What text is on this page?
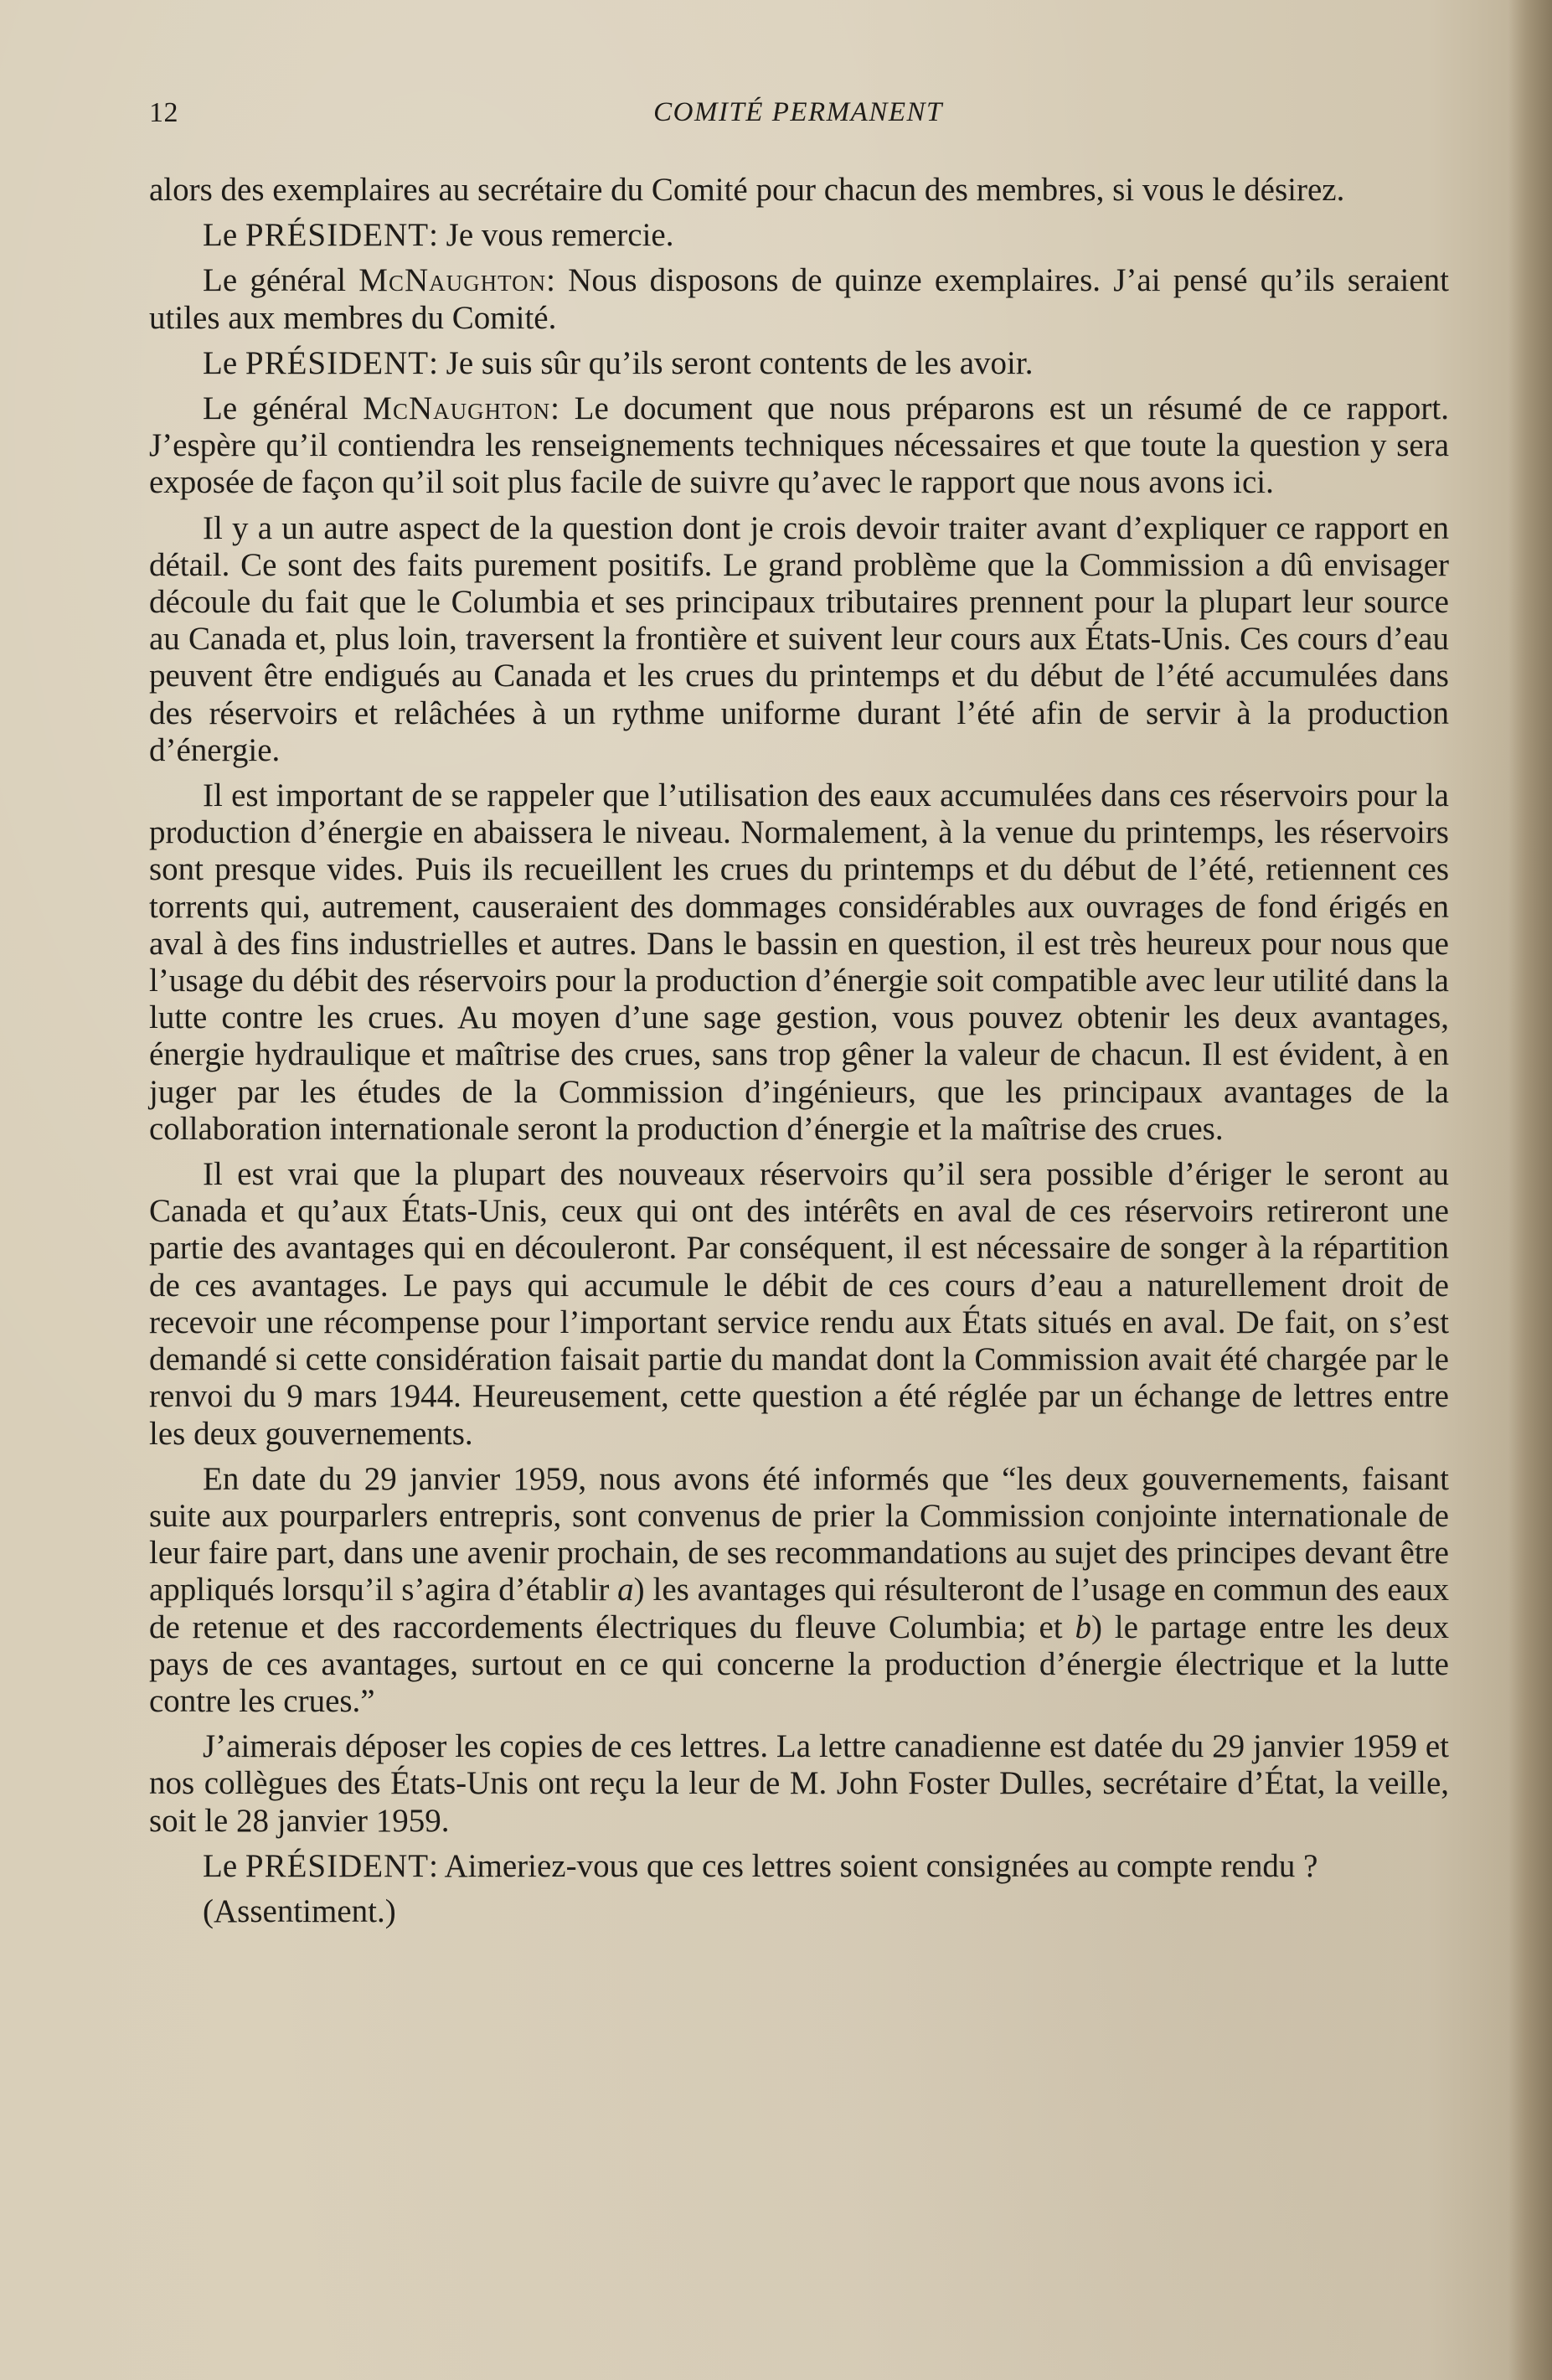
12	COMITÉ PERMANENT

alors des exemplaires au secrétaire du Comité pour chacun des membres, si vous le désirez.

Le PRÉSIDENT: Je vous remercie.

Le général McNaughton: Nous disposons de quinze exemplaires. J’ai pensé qu’ils seraient utiles aux membres du Comité.

Le PRÉSIDENT: Je suis sûr qu’ils seront contents de les avoir.

Le général McNaughton: Le document que nous préparons est un résumé de ce rapport. J’espère qu’il contiendra les renseignements techniques nécessaires et que toute la question y sera exposée de façon qu’il soit plus facile de suivre qu’avec le rapport que nous avons ici.

Il y a un autre aspect de la question dont je crois devoir traiter avant d’expliquer ce rapport en détail. Ce sont des faits purement positifs. Le grand problème que la Commission a dû envisager découle du fait que le Columbia et ses principaux tributaires prennent pour la plupart leur source au Canada et, plus loin, traversent la frontière et suivent leur cours aux États-Unis. Ces cours d’eau peuvent être endigués au Canada et les crues du printemps et du début de l’été accumulées dans des réservoirs et relâchées à un rythme uniforme durant l’été afin de servir à la production d’énergie.

Il est important de se rappeler que l’utilisation des eaux accumulées dans ces réservoirs pour la production d’énergie en abaissera le niveau. Normalement, à la venue du printemps, les réservoirs sont presque vides. Puis ils recueillent les crues du printemps et du début de l’été, retiennent ces torrents qui, autrement, causeraient des dommages considérables aux ouvrages de fond érigés en aval à des fins industrielles et autres. Dans le bassin en question, il est très heureux pour nous que l’usage du débit des réservoirs pour la production d’énergie soit compatible avec leur utilité dans la lutte contre les crues. Au moyen d’une sage gestion, vous pouvez obtenir les deux avantages, énergie hydraulique et maîtrise des crues, sans trop gêner la valeur de chacun. Il est évident, à en juger par les études de la Commission d’ingénieurs, que les principaux avantages de la collaboration internationale seront la production d’énergie et la maîtrise des crues.

Il est vrai que la plupart des nouveaux réservoirs qu’il sera possible d’ériger le seront au Canada et qu’aux États-Unis, ceux qui ont des intérêts en aval de ces réservoirs retireront une partie des avantages qui en découleront. Par conséquent, il est nécessaire de songer à la répartition de ces avantages. Le pays qui accumule le débit de ces cours d’eau a naturellement droit de recevoir une récompense pour l’important service rendu aux États situés en aval. De fait, on s’est demandé si cette considération faisait partie du mandat dont la Commission avait été chargée par le renvoi du 9 mars 1944. Heureusement, cette question a été réglée par un échange de lettres entre les deux gouvernements.

En date du 29 janvier 1959, nous avons été informés que “les deux gouvernements, faisant suite aux pourparlers entrepris, sont convenus de prier la Commission conjointe internationale de leur faire part, dans une avenir prochain, de ses recommandations au sujet des principes devant être appliqués lorsqu’il s’agira d’établir a) les avantages qui résulteront de l’usage en commun des eaux de retenue et des raccordements électriques du fleuve Columbia; et b) le partage entre les deux pays de ces avantages, surtout en ce qui concerne la production d’énergie électrique et la lutte contre les crues.”

J’aimerais déposer les copies de ces lettres. La lettre canadienne est datée du 29 janvier 1959 et nos collègues des États-Unis ont reçu la leur de M. John Foster Dulles, secrétaire d’État, la veille, soit le 28 janvier 1959.

Le PRÉSIDENT: Aimeriez-vous que ces lettres soient consignées au compte rendu ?

(Assentiment.)
